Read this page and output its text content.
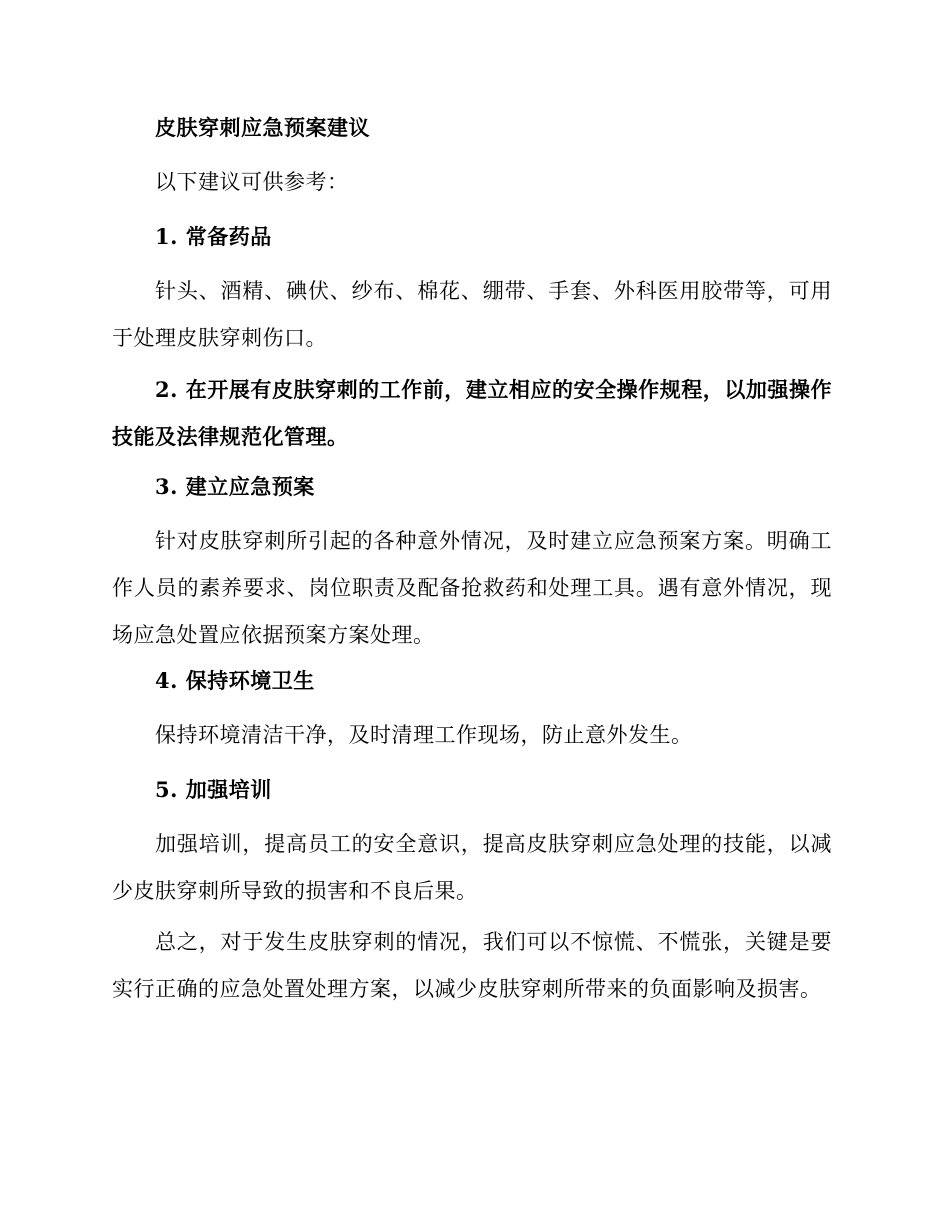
皮肤穿刺应急预案建议

以下建议可供参考：

1. 常备药品

针头、酒精、碘伏、纱布、棉花、绷带、手套、外科医用胶带等，可用于处理皮肤穿刺伤口。

2. 在开展有皮肤穿刺的工作前，建立相应的安全操作规程，以加强操作技能及法律规范化管理。

3. 建立应急预案

针对皮肤穿刺所引起的各种意外情况，及时建立应急预案方案。明确工作人员的素养要求、岗位职责及配备抢救药和处理工具。遇有意外情况，现场应急处置应依据预案方案处理。

4. 保持环境卫生

保持环境清洁干净，及时清理工作现场，防止意外发生。

5. 加强培训

加强培训，提高员工的安全意识，提高皮肤穿刺应急处理的技能，以减少皮肤穿刺所导致的损害和不良后果。

总之，对于发生皮肤穿刺的情况，我们可以不惊慌、不慌张，关键是要实行正确的应急处置处理方案，以减少皮肤穿刺所带来的负面影响及损害。
